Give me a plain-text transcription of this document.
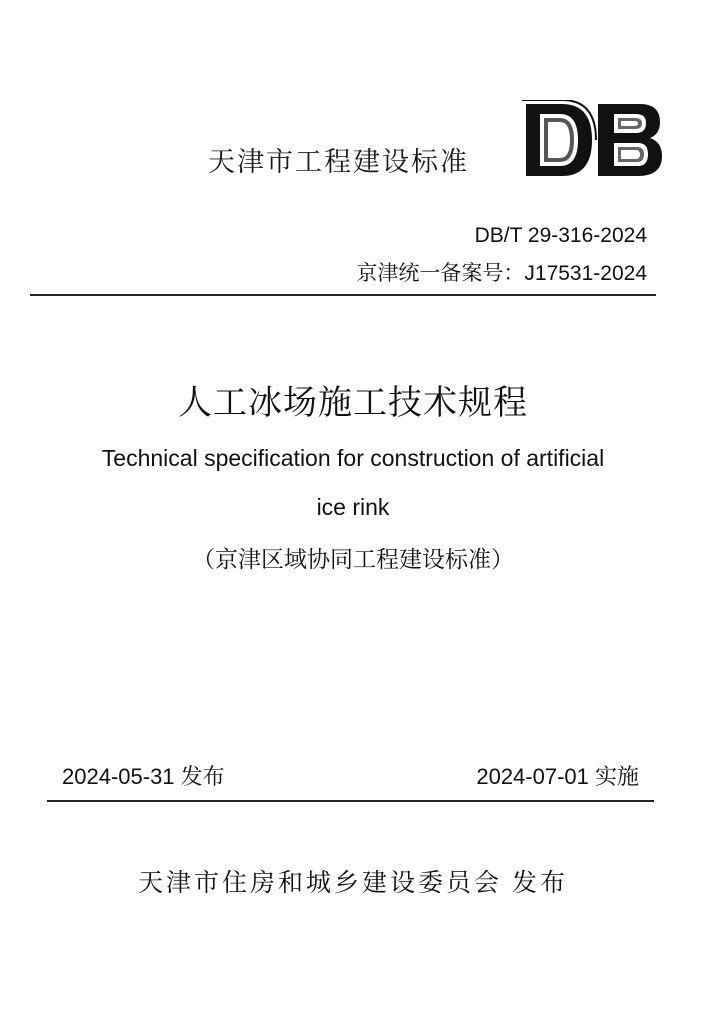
天津市工程建设标准
DB/T 29-316-2024
京津统一备案号：J17531-2024
人工冰场施工技术规程
Technical specification for construction of artificial
ice rink
（京津区域协同工程建设标准）
2024-05-31 发布	2024-07-01 实施
天津市住房和城乡建设委员会 发布
